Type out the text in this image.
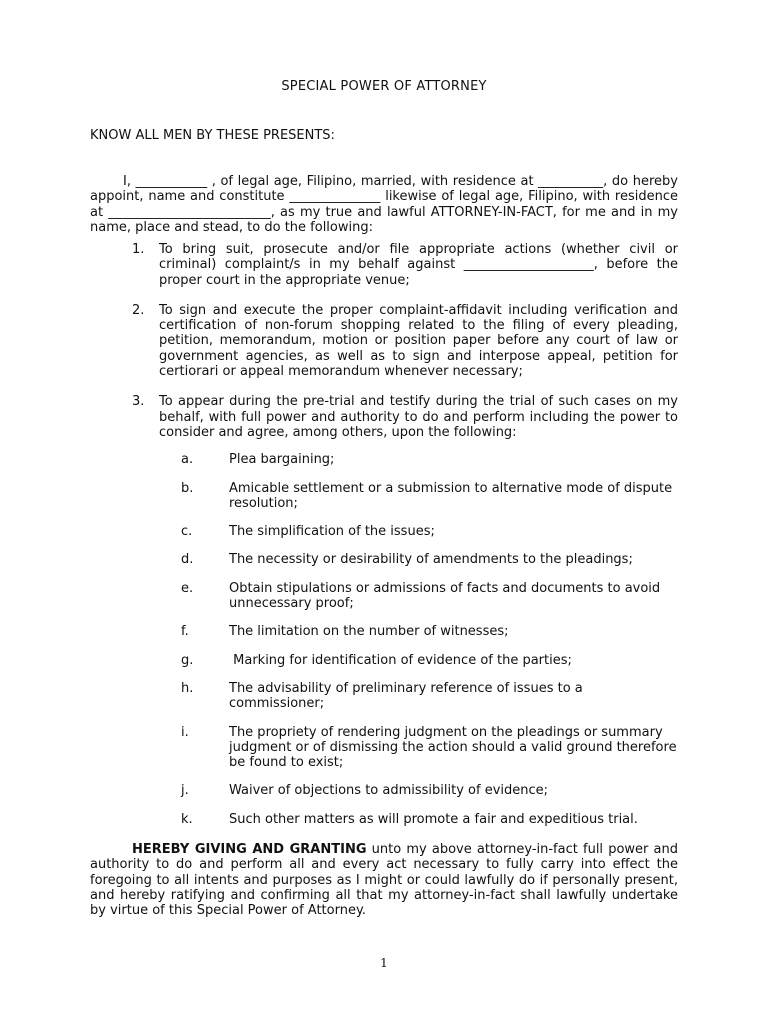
SPECIAL POWER OF ATTORNEY
KNOW ALL MEN BY THESE PRESENTS:
I, ___________ , of legal age, Filipino, married, with residence at __________, do hereby appoint, name and constitute ______________ likewise of legal age, Filipino, with residence at _________________________, as my true and lawful ATTORNEY-IN-FACT, for me and in my name, place and stead, to do the following:
1.	To bring suit, prosecute and/or file appropriate actions (whether civil or criminal) complaint/s in my behalf against ____________________, before the proper court in the appropriate venue;
2.	To sign and execute the proper complaint-affidavit including verification and certification of non-forum shopping related to the filing of every pleading, petition, memorandum, motion or position paper before any court of law or government agencies, as well as to sign and interpose appeal, petition for certiorari or appeal memorandum whenever necessary;
3.	To appear during the pre-trial and testify during the trial of such cases on my behalf, with full power and authority to do and perform including the power to consider and agree, among others, upon the following:
a.	Plea bargaining;
b.	Amicable settlement or a submission to alternative mode of dispute resolution;
c.	The simplification of the issues;
d.	The necessity or desirability of amendments to the pleadings;
e.	Obtain stipulations or admissions of facts and documents to avoid unnecessary proof;
f.	The limitation on the number of witnesses;
g.	Marking for identification of evidence of the parties;
h.	The advisability of preliminary reference of issues to a commissioner;
i.	The propriety of rendering judgment on the pleadings or summary judgment or of dismissing the action should a valid ground therefore be found to exist;
j.	Waiver of objections to admissibility of evidence;
k.	Such other matters as will promote a fair and expeditious trial.
HEREBY GIVING AND GRANTING unto my above attorney-in-fact full power and authority to do and perform all and every act necessary to fully carry into effect the foregoing to all intents and purposes as I might or could lawfully do if personally present, and hereby ratifying and confirming all that my attorney-in-fact shall lawfully undertake by virtue of this Special Power of Attorney.
1
